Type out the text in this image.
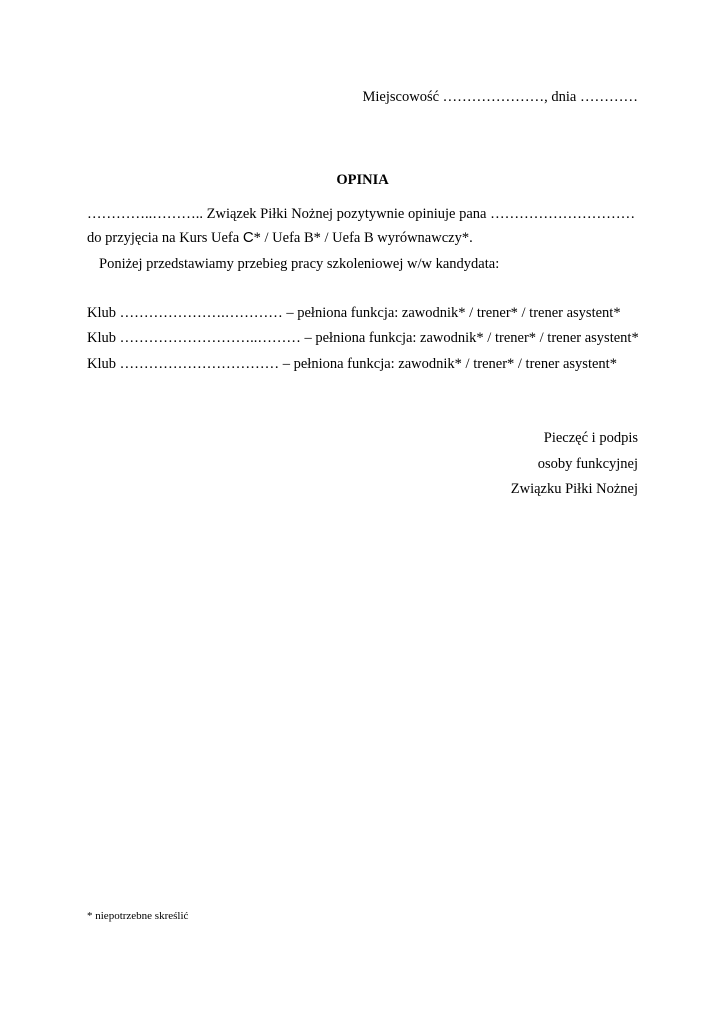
Miejscowość …………………, dnia …………
OPINIA
…………..……….. Związek Piłki Nożnej pozytywnie opiniuje pana …………………………
do przyjęcia na Kurs Uefa C* / Uefa B* / Uefa B wyrównawczy*.
Poniżej przedstawiamy przebieg pracy szkoleniowej w/w kandydata:
Klub ………………….………… – pełniona funkcja: zawodnik* / trener* / trener asystent*
Klub ………………………..……… – pełniona funkcja: zawodnik* / trener* / trener asystent*
Klub …………………………… – pełniona funkcja: zawodnik* / trener* / trener asystent*
Pieczęć i podpis
osoby funkcyjnej
Związku Piłki Nożnej
* niepotrzebne skreślić
